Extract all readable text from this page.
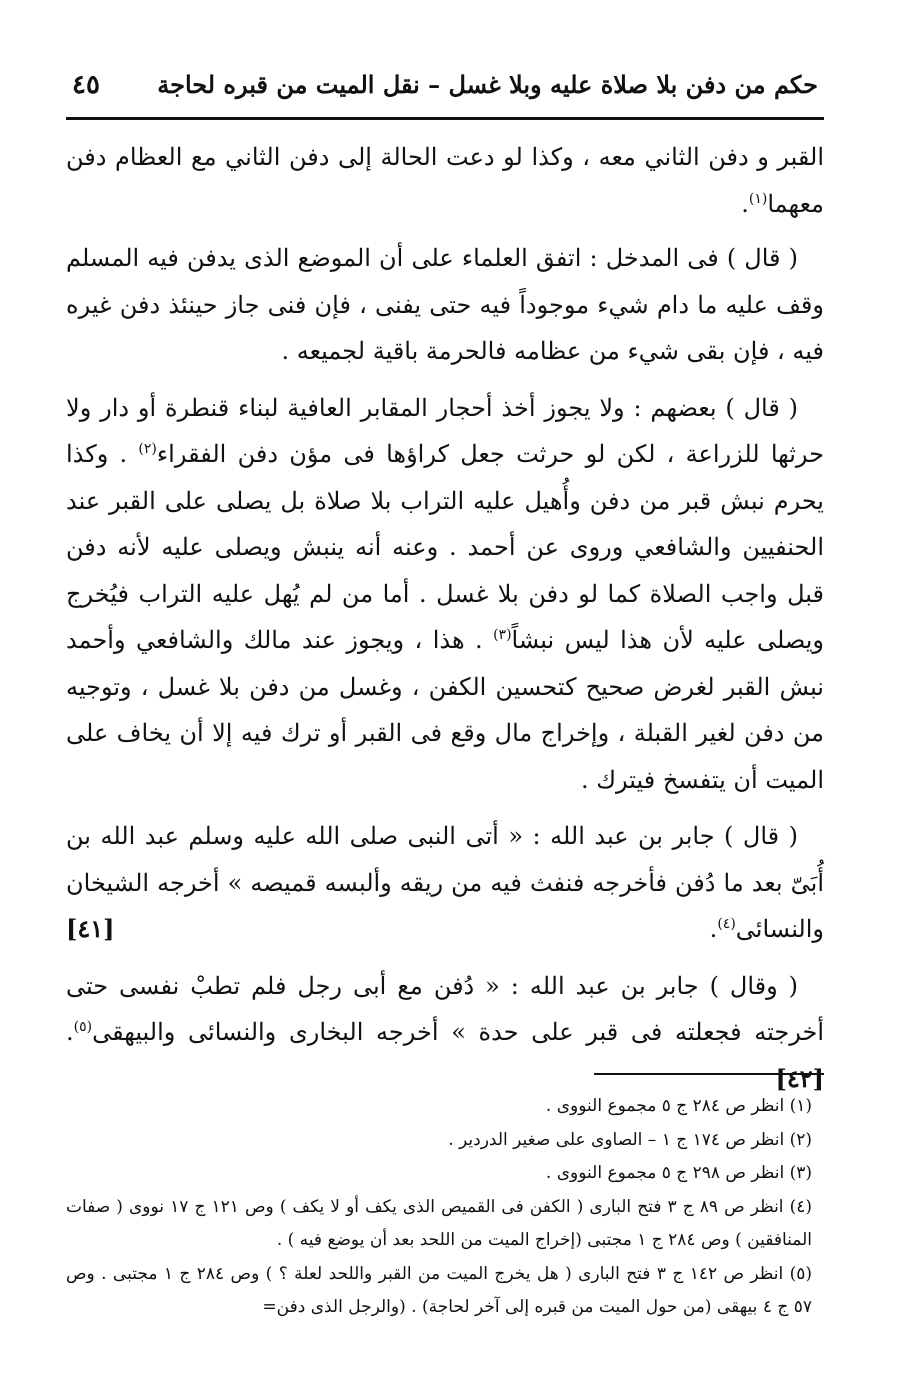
حكم من دفن بلا صلاة عليه وبلا غسل – نقل الميت من قبره لحاجة
٤٥

القبر و دفن الثاني معه ، وكذا لو دعت الحالة إلى دفن الثاني مع العظام دفن معهما$^{(١)}$.

( قال ) فى المدخل : اتفق العلماء على أن الموضع الذى يدفن فيه المسلم وقف عليه ما دام شيء موجوداً فيه حتى يفنى ، فإن فنى جاز حينئذ دفن غيره فيه ، فإن بقى شيء من عظامه فالحرمة باقية لجميعه .

( قال ) بعضهم : ولا يجوز أخذ أحجار المقابر العافية لبناء قنطرة أو دار ولا حرثها للزراعة ، لكن لو حرثت جعل كراؤها فى مؤن دفن الفقراء$^{(٢)}$ . وكذا يحرم نبش قبر من دفن وأُهيل عليه التراب بلا صلاة بل يصلى على القبر عند الحنفيين والشافعي وروى عن أحمد . وعنه أنه ينبش ويصلى عليه لأنه دفن قبل واجب الصلاة كما لو دفن بلا غسل . أما من لم يُهل عليه التراب فيُخرج ويصلى عليه لأن هذا ليس نبشاً$^{(٣)}$ . هذا ، ويجوز عند مالك والشافعي وأحمد نبش القبر لغرض صحيح كتحسين الكفن ، وغسل من دفن بلا غسل ، وتوجيه من دفن لغير القبلة ، وإخراج مال وقع فى القبر أو ترك فيه إلا أن يخاف على الميت أن يتفسخ فيترك .

( قال ) جابر بن عبد الله : « أتى النبى صلى الله عليه وسلم عبد الله بن أُبَىّ بعد ما دُفن فأخرجه فنفث فيه من ريقه وألبسه قميصه » أخرجه الشيخان والنسائى$^{(٤)}$.
[٤١]

( وقال ) جابر بن عبد الله : « دُفن مع أبى رجل فلم تطبْ نفسى حتى أخرجته فجعلته فى قبر على حدة » أخرجه البخارى والنسائى والبيهقى$^{(٥)}$. [٤٢]

(١) انظر ص ٢٨٤ ج ٥ مجموع النووى .
(٢) انظر ص ١٧٤ ج ١ – الصاوى على صغير الدردير .
(٣) انظر ص ٢٩٨ ج ٥ مجموع النووى .
(٤) انظر ص ٨٩ ج ٣ فتح البارى ( الكفن فى القميص الذى يكف أو لا يكف ) وص ١٢١ ج ١٧ نووى ( صفات المنافقين ) وص ٢٨٤ ج ١ مجتبى (إخراج الميت من اللحد بعد أن يوضع فيه ) .
(٥) انظر ص ١٤٢ ج ٣ فتح البارى ( هل يخرج الميت من القبر واللحد لعلة ؟ ) وص ٢٨٤ ج ١ مجتبى . وص ٥٧ ج ٤ بيهقى (من حول الميت من قبره إلى آخر لحاجة) . (والرجل الذى دفن=
